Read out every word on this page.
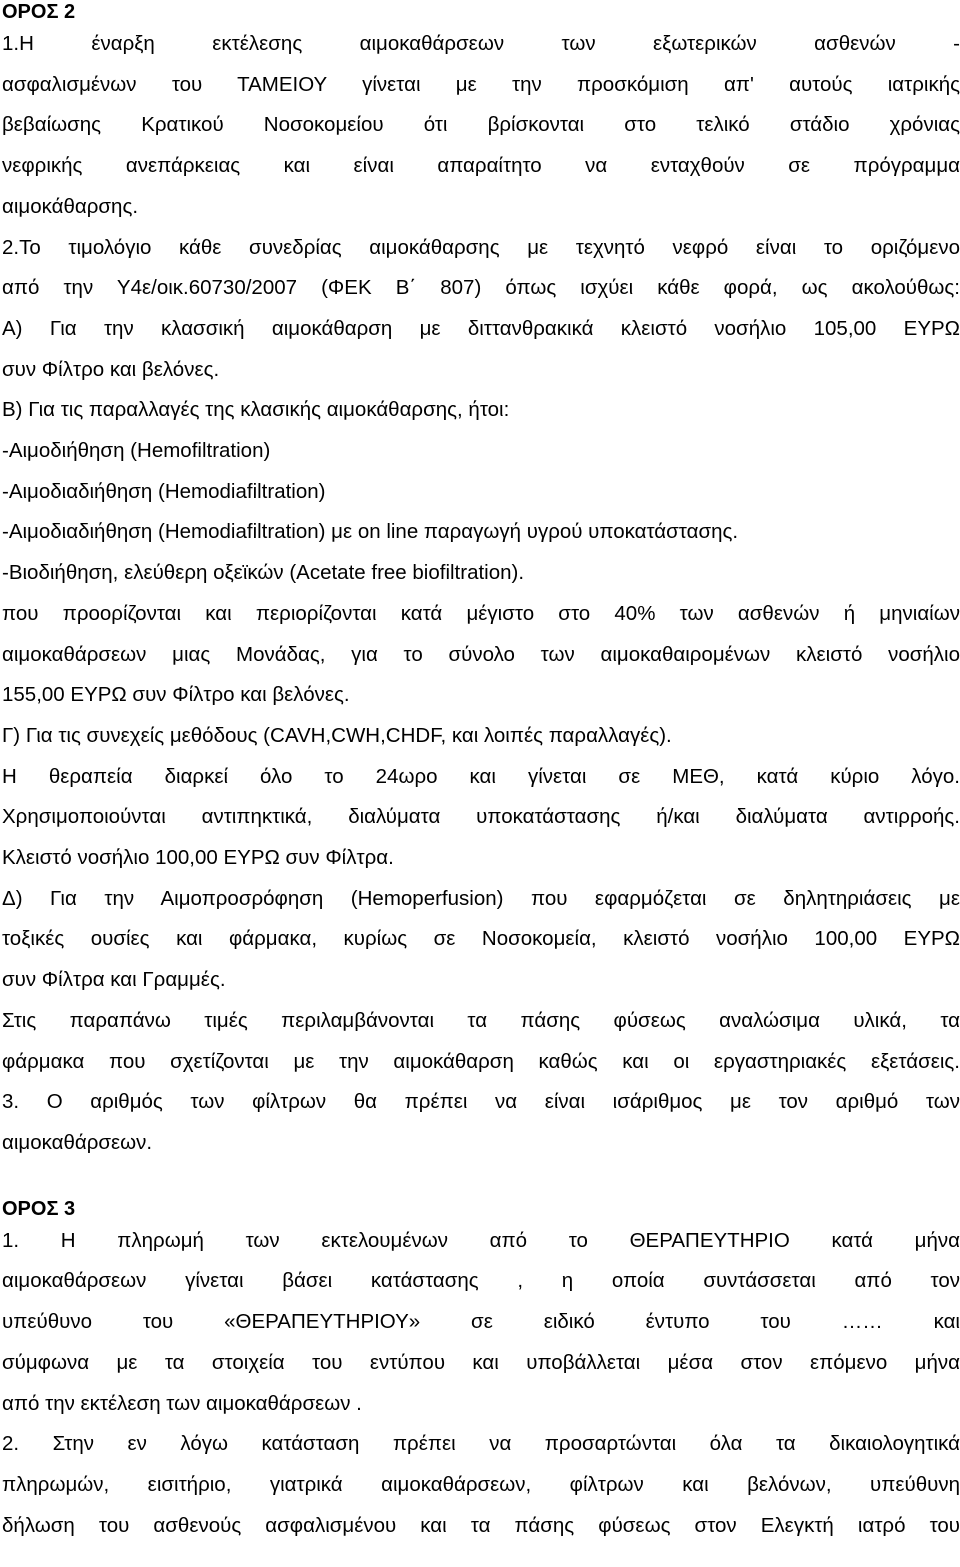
ΟΡΟΣ 2
1.Η έναρξη εκτέλεσης αιμοκαθάρσεων των εξωτερικών ασθενών -
ασφαλισμένων του ΤΑΜΕΙΟΥ γίνεται με την προσκόμιση απ' αυτούς ιατρικής
βεβαίωσης Κρατικού Νοσοκομείου ότι βρίσκονται στο τελικό στάδιο χρόνιας
νεφρικής ανεπάρκειας και είναι απαραίτητο να ενταχθούν σε πρόγραμμα
αιμοκάθαρσης.
2.Το τιμολόγιο κάθε συνεδρίας αιμοκάθαρσης με τεχνητό νεφρό είναι το οριζόμενο
από την Υ4ε/οικ.60730/2007 (ΦΕΚ Β΄ 807) όπως ισχύει κάθε φορά, ως ακολούθως:
Α) Για την κλασσική αιμοκάθαρση με διττανθρακικά κλειστό νοσήλιο 105,00 ΕΥΡΩ
συν Φίλτρο και βελόνες.
Β) Για τις παραλλαγές της κλασικής αιμοκάθαρσης, ήτοι:
-Αιμοδιήθηση (Hemofiltration)
-Αιμοδιαδιήθηση (Hemodiafiltration)
-Αιμοδιαδιήθηση (Hemodiafiltration) με on line παραγωγή υγρού υποκατάστασης.
-Βιοδιήθηση, ελεύθερη οξεϊκών (Acetate free biofiltration).
που προορίζονται και περιορίζονται κατά μέγιστο στο 40% των ασθενών ή μηνιαίων
αιμοκαθάρσεων μιας Μονάδας, για το σύνολο των αιμοκαθαιρομένων κλειστό νοσήλιο
155,00 ΕΥΡΩ συν Φίλτρο και βελόνες.
Γ) Για τις συνεχείς μεθόδους (CAVH,CWH,CHDF, και λοιπές παραλλαγές).
Η θεραπεία διαρκεί όλο το 24ωρο και γίνεται σε ΜΕΘ, κατά κύριο λόγο.
Χρησιμοποιούνται αντιπηκτικά, διαλύματα υποκατάστασης ή/και διαλύματα αντιρροής.
Κλειστό νοσήλιο 100,00 ΕΥΡΩ συν Φίλτρα.
Δ) Για την Αιμοπροσρόφηση (Hemoperfusion) που εφαρμόζεται σε δηλητηριάσεις με
τοξικές ουσίες και φάρμακα, κυρίως σε Νοσοκομεία, κλειστό νοσήλιο 100,00 ΕΥΡΩ
συν Φίλτρα και Γραμμές.
Στις παραπάνω τιμές περιλαμβάνονται τα πάσης φύσεως αναλώσιμα υλικά, τα
φάρμακα που σχετίζονται με την αιμοκάθαρση καθώς και οι εργαστηριακές εξετάσεις.
3. Ο αριθμός των φίλτρων θα πρέπει να είναι ισάριθμος με τον αριθμό των
αιμοκαθάρσεων.
ΟΡΟΣ 3
1. Η πληρωμή των εκτελουμένων από το ΘΕΡΑΠΕΥΤΗΡΙΟ κατά μήνα
αιμοκαθάρσεων γίνεται βάσει κατάστασης , η οποία συντάσσεται από τον
υπεύθυνο του «ΘΕΡΑΠΕΥΤΗΡΙΟΥ» σε ειδικό έντυπο του …… και
σύμφωνα με τα στοιχεία του εντύπου και υποβάλλεται μέσα στον επόμενο μήνα
από την εκτέλεση των αιμοκαθάρσεων .
2. Στην εν λόγω κατάσταση πρέπει να προσαρτώνται όλα τα δικαιολογητικά
πληρωμών, εισιτήριο, γιατρικά αιμοκαθάρσεων, φίλτρων και βελόνων, υπεύθυνη
δήλωση του ασθενούς ασφαλισμένου και τα πάσης φύσεως στον Ελεγκτή ιατρό του
